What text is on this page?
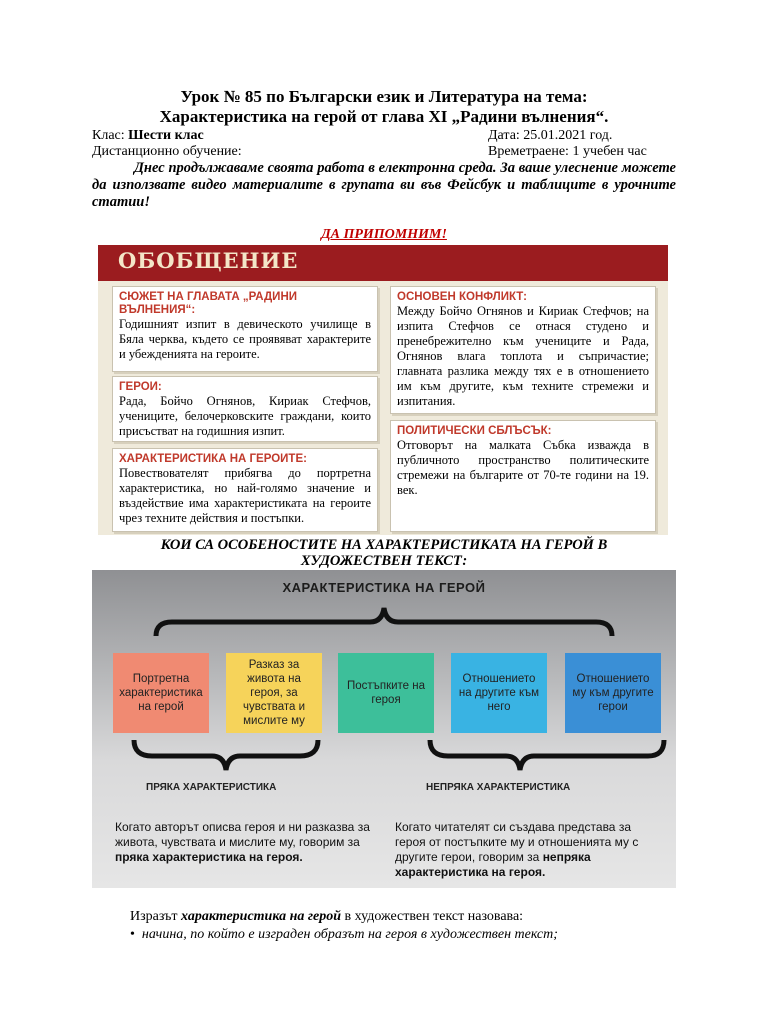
Урок № 85 по Български език и Литература на тема:
Характеристика на герой от глава XI „Радини вълнения“.
Клас: Шести клас	Дата: 25.01.2021 год.
Дистанционно обучение:	Времетраене: 1 учебен час
Днес продължаваме своята работа в електронна среда. За ваше улеснение можете да използвате видео материалите в групата ви във Фейсбук и таблиците в урочните статии!
ДА ПРИПОМНИМ!
ОБОБЩЕНИЕ
СЮЖЕТ НА ГЛАВАТА „РАДИНИ ВЪЛНЕНИЯ“:
Годишният изпит в девическото училище в Бяла черква, където се проявяват характерите и убежденията на героите.
ГЕРОИ:
Рада, Бойчо Огнянов, Кириак Стефчов, учениците, белочерковските граждани, които присъстват на годишния изпит.
ХАРАКТЕРИСТИКА НА ГЕРОИТЕ:
Повествователят прибягва до портретна характеристика, но най-голямо значение и въздействие има характеристиката на героите чрез техните действия и постъпки.
ОСНОВЕН КОНФЛИКТ:
Между Бойчо Огнянов и Кириак Стефчов; на изпита Стефчов се отнася студено и пренебрежително към учениците и Рада, Огнянов влага топлота и съпричастие; главната разлика между тях е в отношението им към другите, към техните стремежи и изпитания.
ПОЛИТИЧЕСКИ СБЛЪСЪК:
Отговорът на малката Събка изважда в публичното пространство политическите стремежи на българите от 70-те години на 19. век.
КОИ СА ОСОБЕНОСТИТЕ НА ХАРАКТЕРИСТИКАТА НА ГЕРОЙ В
ХУДОЖЕСТВЕН ТЕКСТ:
ХАРАКТЕРИСТИКА НА ГЕРОЙ
Портретна характеристика на герой
Разказ за живота на героя, за чувствата и мислите му
Постъпките на героя
Отношението на другите към него
Отношението му към другите герои
ПРЯКА ХАРАКТЕРИСТИКА	НЕПРЯКА ХАРАКТЕРИСТИКА
Когато авторът описва героя и ни разказва за живота, чувствата и мислите му, говорим за пряка характеристика на героя.
Когато читателят си създава представа за героя от постъпките му и отношенията му с другите герои, говорим за непряка характеристика на героя.
Изразът характеристика на герой в художествен текст назовава:
•  начина, по който е изграден образът на героя в художествен текст;
